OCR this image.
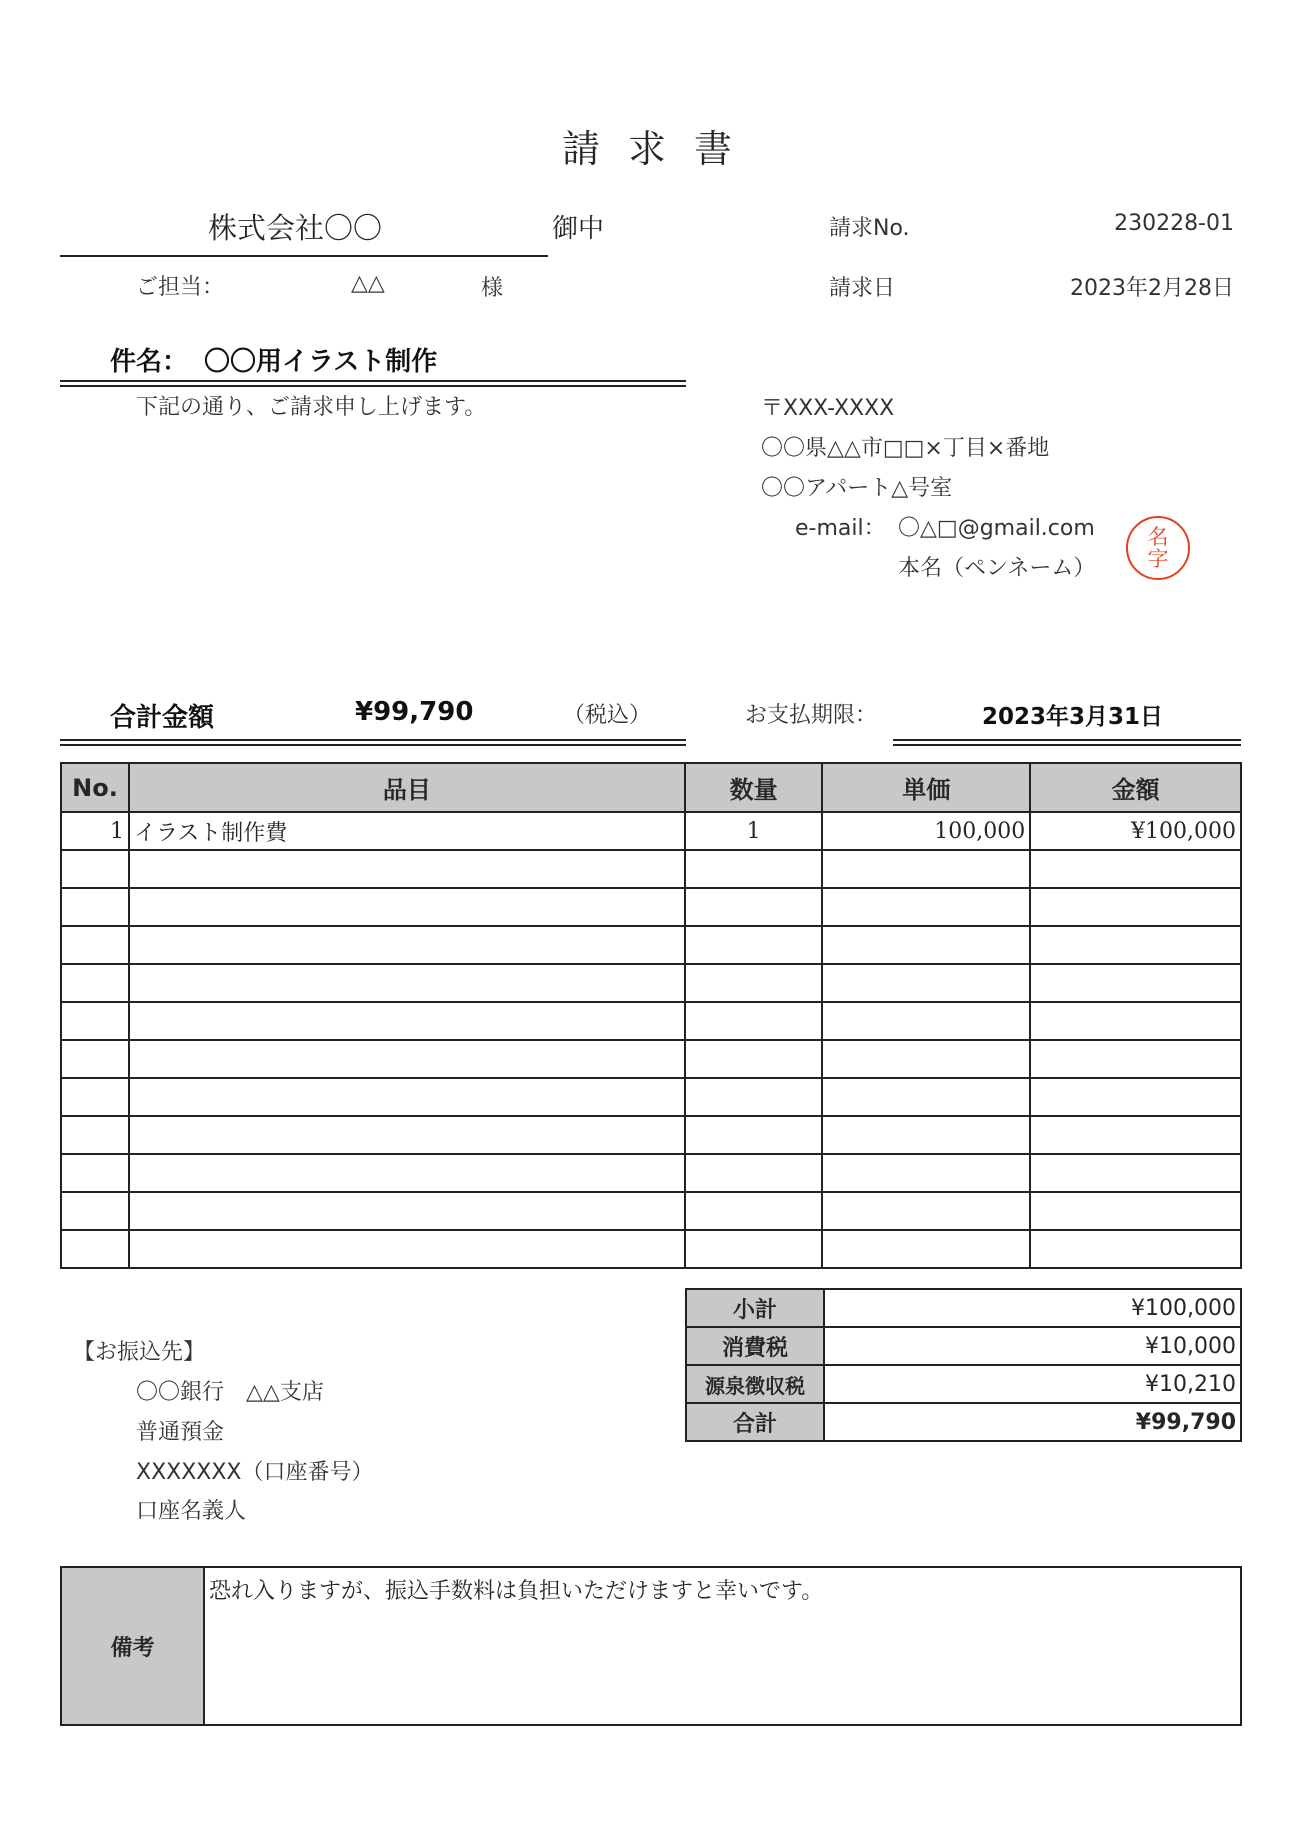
請 求 書
株式会社〇〇	御中
ご担当：	△△	様
請求No.	230228-01
請求日	2023年2月28日
件名： 〇〇用イラスト制作
下記の通り、ご請求申し上げます。	〒XXX-XXXX
〇〇県△△市□□×丁目×番地
〇〇アパート△号室
e-mail： 〇△□@gmail.com
本名（ペンネーム）
名
字
合計金額	¥99,790	（税込）	お支払期限：	2023年3月31日
No.	品目	数量	単価	金額
1	イラスト制作費	1	100,000	¥100,000

小計	¥100,000
消費税	¥10,000
源泉徴収税	¥10,210
合計	¥99,790
【お振込先】
〇〇銀行　△△支店
普通預金
XXXXXXX（口座番号）
口座名義人
備考	恐れ入りますが、振込手数料は負担いただけますと幸いです。
